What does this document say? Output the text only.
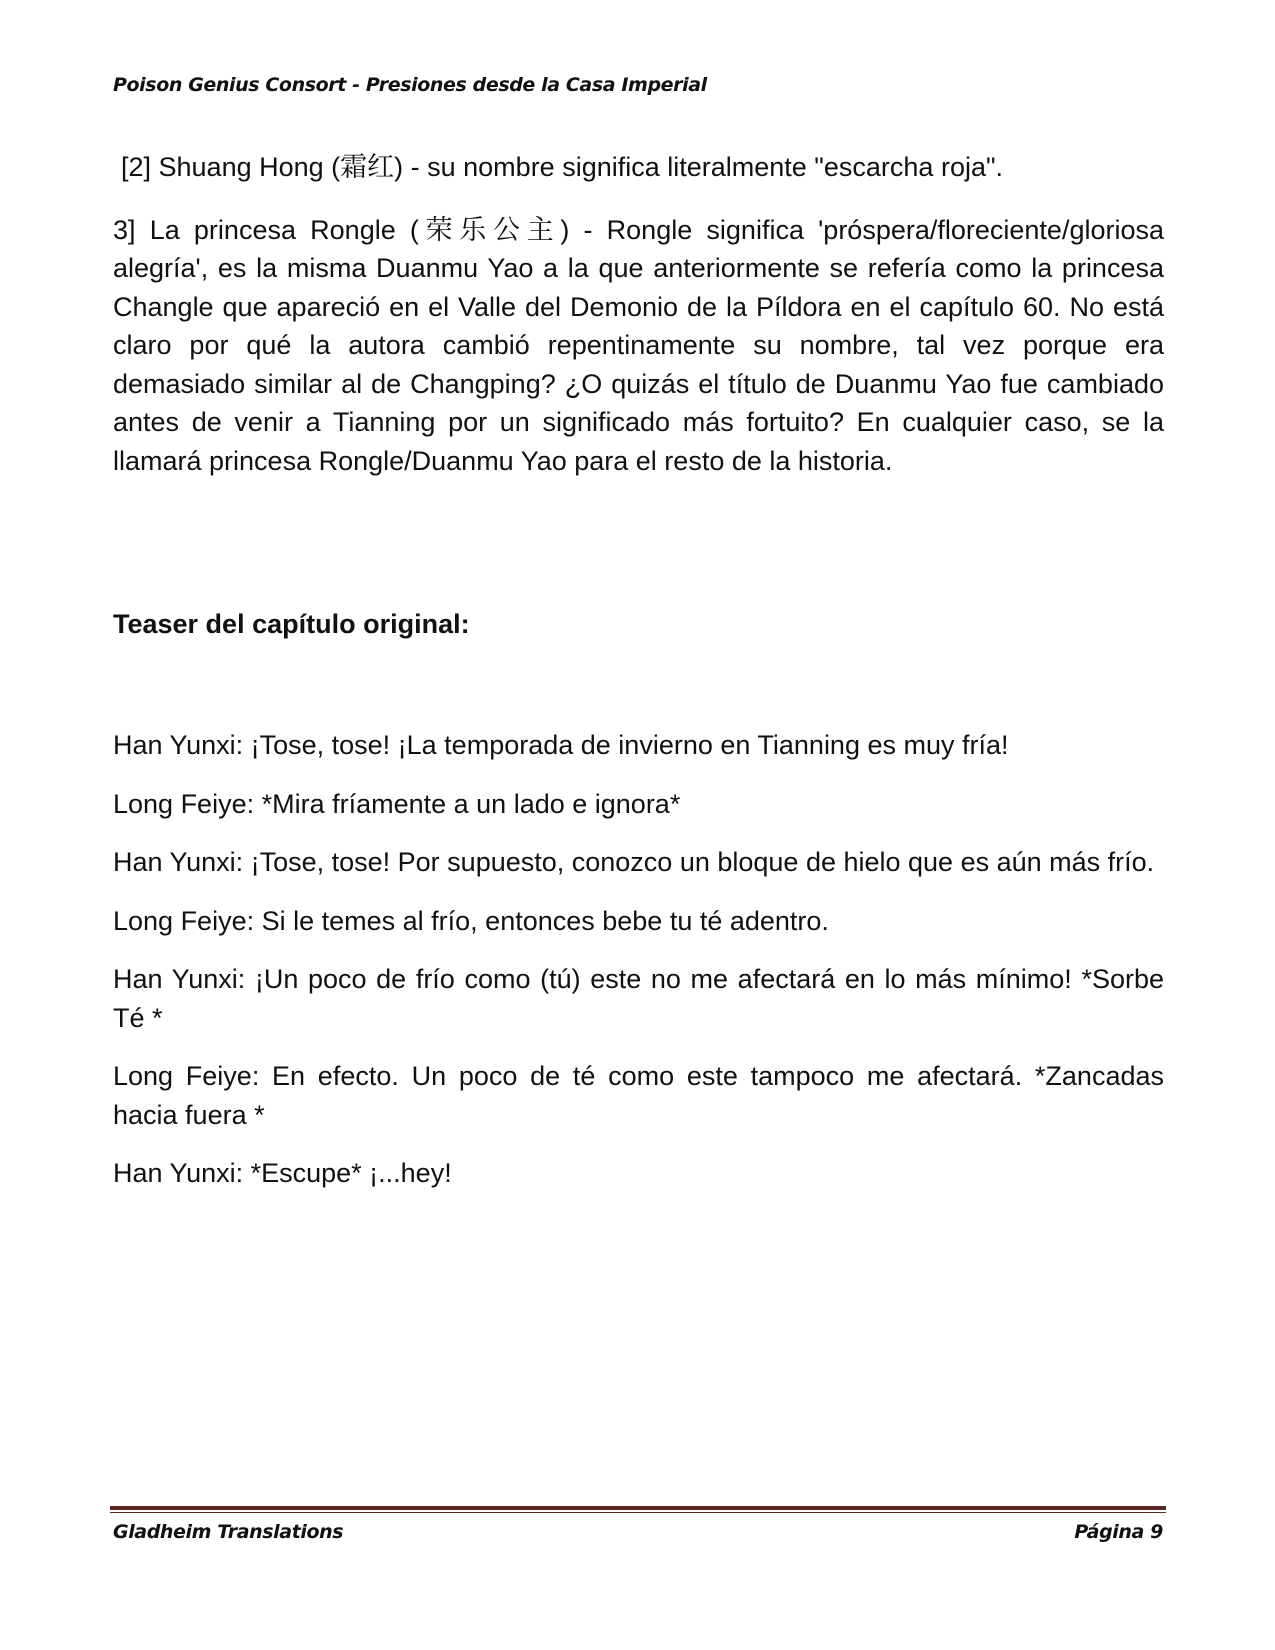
Poison Genius Consort - Presiones desde la Casa Imperial

[2] Shuang Hong (霜红) - su nombre significa literalmente "escarcha roja".

3] La princesa Rongle (荣乐公主) - Rongle significa 'próspera/floreciente/gloriosa alegría', es la misma Duanmu Yao a la que anteriormente se refería como la princesa Changle que apareció en el Valle del Demonio de la Píldora en el capítulo 60. No está claro por qué la autora cambió repentinamente su nombre, tal vez porque era demasiado similar al de Changping? ¿O quizás el título de Duanmu Yao fue cambiado antes de venir a Tianning por un significado más fortuito? En cualquier caso, se la llamará princesa Rongle/Duanmu Yao para el resto de la historia.

Teaser del capítulo original:

Han Yunxi: ¡Tose, tose! ¡La temporada de invierno en Tianning es muy fría!

Long Feiye: *Mira fríamente a un lado e ignora*

Han Yunxi: ¡Tose, tose! Por supuesto, conozco un bloque de hielo que es aún más frío.

Long Feiye: Si le temes al frío, entonces bebe tu té adentro.

Han Yunxi: ¡Un poco de frío como (tú) este no me afectará en lo más mínimo! *Sorbe Té *

Long Feiye: En efecto. Un poco de té como este tampoco me afectará. *Zancadas hacia fuera *

Han Yunxi: *Escupe* ¡...hey!

Gladheim Translations	Página 9
